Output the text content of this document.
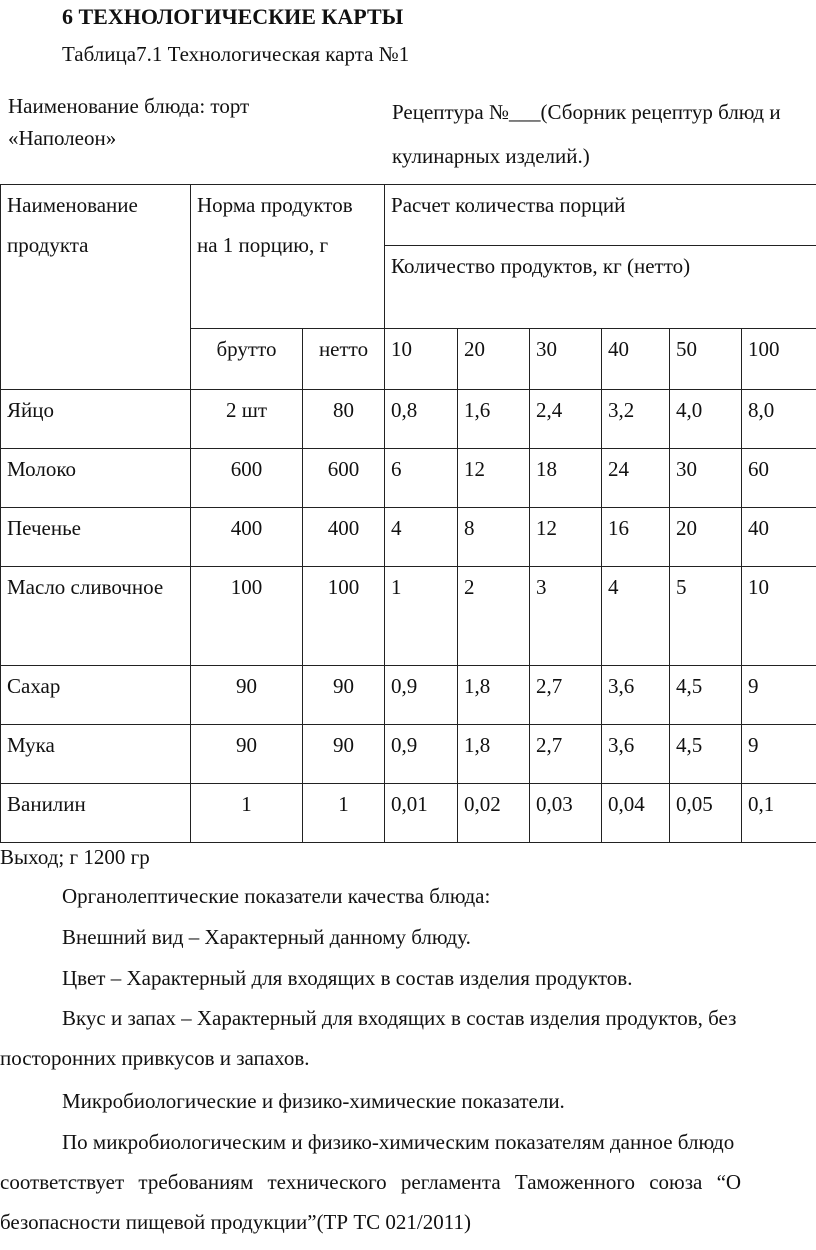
6 ТЕХНОЛОГИЧЕСКИЕ КАРТЫ
Таблица7.1 Технологическая карта №1
Наименование блюда: торт «Наполеон»
Рецептура №___(Сборник рецептур блюд и кулинарных изделий.)
Наименование продукта	Норма продуктов на 1 порцию, г		Расчет количества порций					
			Количество продуктов, кг (нетто)					
	брутто	нетто	10	20	30	40	50	100
Яйцо	2 шт	80	0,8	1,6	2,4	3,2	4,0	8,0
Молоко	600	600	6	12	18	24	30	60
Печенье	400	400	4	8	12	16	20	40
Масло сливочное	100	100	1	2	3	4	5	10
Сахар	90	90	0,9	1,8	2,7	3,6	4,5	9
Мука	90	90	0,9	1,8	2,7	3,6	4,5	9
Ванилин	1	1	0,01	0,02	0,03	0,04	0,05	0,1
Выход; г 1200 гр
Органолептические показатели качества блюда:
Внешний вид – Характерный данному блюду.
Цвет – Характерный для входящих в состав изделия продуктов.
Вкус и запах – Характерный для входящих в состав изделия продуктов, без
посторонних привкусов и запахов.
Микробиологические и физико-химические показатели.
По микробиологическим и физико-химическим показателям данное блюдо
соответствует требованиям технического регламента Таможенного союза “О
безопасности пищевой продукции”(ТР ТС 021/2011)
